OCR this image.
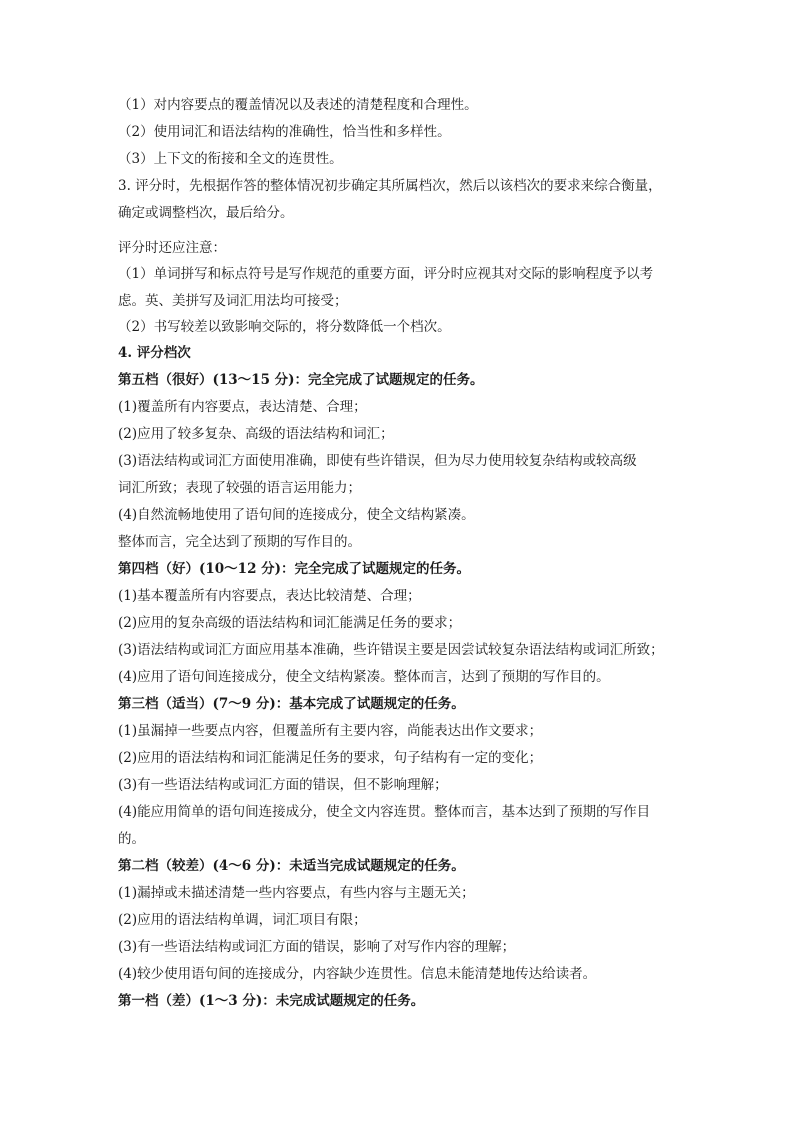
（1）对内容要点的覆盖情况以及表述的清楚程度和合理性。
（2）使用词汇和语法结构的准确性，恰当性和多样性。
（3）上下文的衔接和全文的连贯性。
3. 评分时，先根据作答的整体情况初步确定其所属档次，然后以该档次的要求来综合衡量，
确定或调整档次，最后给分。
评分时还应注意：
（1）单词拼写和标点符号是写作规范的重要方面，评分时应视其对交际的影响程度予以考
虑。英、美拼写及词汇用法均可接受；
（2）书写较差以致影响交际的，将分数降低一个档次。
4. 评分档次
第五档（很好）(13～15 分)：完全完成了试题规定的任务。
(1)覆盖所有内容要点，表达清楚、合理；
(2)应用了较多复杂、高级的语法结构和词汇；
(3)语法结构或词汇方面使用准确，即使有些许错误，但为尽力使用较复杂结构或较高级
词汇所致；表现了较强的语言运用能力；
(4)自然流畅地使用了语句间的连接成分，使全文结构紧凑。
整体而言，完全达到了预期的写作目的。
第四档（好）(10～12 分)：完全完成了试题规定的任务。
(1)基本覆盖所有内容要点，表达比较清楚、合理；
(2)应用的复杂高级的语法结构和词汇能满足任务的要求；
(3)语法结构或词汇方面应用基本准确，些许错误主要是因尝试较复杂语法结构或词汇所致；
(4)应用了语句间连接成分，使全文结构紧凑。整体而言，达到了预期的写作目的。
第三档（适当）(7～9 分)：基本完成了试题规定的任务。
(1)虽漏掉一些要点内容，但覆盖所有主要内容，尚能表达出作文要求；
(2)应用的语法结构和词汇能满足任务的要求，句子结构有一定的变化；
(3)有一些语法结构或词汇方面的错误，但不影响理解；
(4)能应用简单的语句间连接成分，使全文内容连贯。整体而言，基本达到了预期的写作目
的。
第二档（较差）(4～6 分)：未适当完成试题规定的任务。
(1)漏掉或未描述清楚一些内容要点，有些内容与主题无关；
(2)应用的语法结构单调，词汇项目有限；
(3)有一些语法结构或词汇方面的错误，影响了对写作内容的理解；
(4)较少使用语句间的连接成分，内容缺少连贯性。信息未能清楚地传达给读者。
第一档（差）(1～3 分)：未完成试题规定的任务。
